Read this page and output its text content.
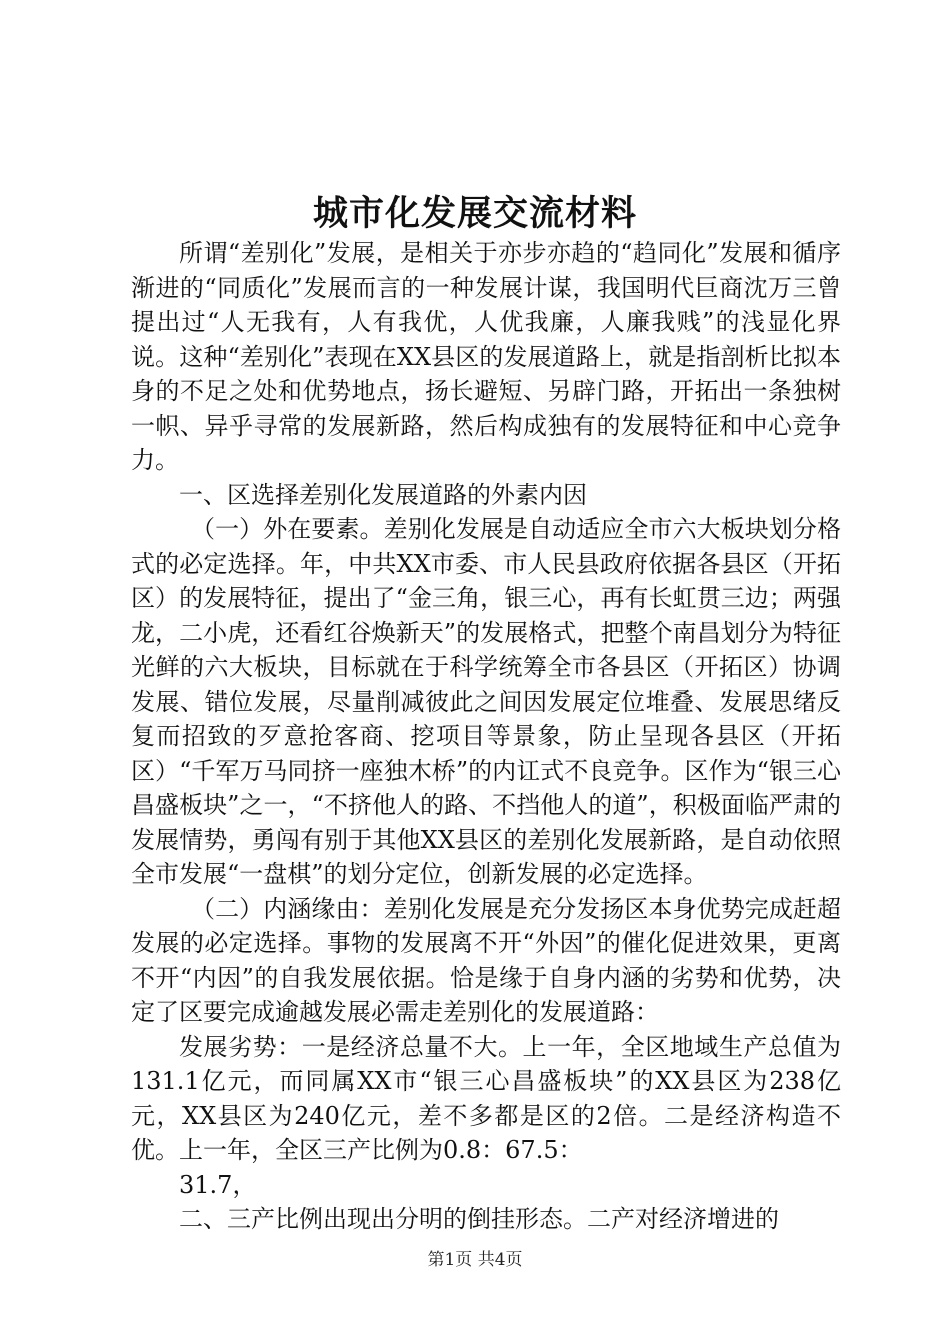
城市化发展交流材料

所谓“差别化”发展，是相关于亦步亦趋的“趋同化”发展和循序渐进的“同质化”发展而言的一种发展计谋，我国明代巨商沈万三曾提出过“人无我有，人有我优，人优我廉，人廉我贱”的浅显化界说。这种“差别化”表现在XX县区的发展道路上，就是指剖析比拟本身的不足之处和优势地点，扬长避短、另辟门路，开拓出一条独树一帜、异乎寻常的发展新路，然后构成独有的发展特征和中心竞争力。

一、区选择差别化发展道路的外素内因

（一）外在要素。差别化发展是自动适应全市六大板块划分格式的必定选择。年，中共XX市委、市人民县政府依据各县区（开拓区）的发展特征，提出了“金三角，银三心，再有长虹贯三边；两强龙，二小虎，还看红谷焕新天”的发展格式，把整个南昌划分为特征光鲜的六大板块，目标就在于科学统筹全市各县区（开拓区）协调发展、错位发展，尽量削减彼此之间因发展定位堆叠、发展思绪反复而招致的歹意抢客商、挖项目等景象，防止呈现各县区（开拓区）“千军万马同挤一座独木桥”的内讧式不良竞争。区作为“银三心昌盛板块”之一，“不挤他人的路、不挡他人的道”，积极面临严肃的发展情势，勇闯有别于其他XX县区的差别化发展新路，是自动依照全市发展“一盘棋”的划分定位，创新发展的必定选择。

（二）内涵缘由：差别化发展是充分发扬区本身优势完成赶超发展的必定选择。事物的发展离不开“外因”的催化促进效果，更离不开“内因”的自我发展依据。恰是缘于自身内涵的劣势和优势，决定了区要完成逾越发展必需走差别化的发展道路：

发展劣势：一是经济总量不大。上一年，全区地域生产总值为131.1亿元，而同属XX市“银三心昌盛板块”的XX县区为238亿元，XX县区为240亿元，差不多都是区的2倍。二是经济构造不优。上一年，全区三产比例为0.8：67.5：

31.7，

二、三产比例出现出分明的倒挂形态。二产对经济增进的

第1页 共4页
